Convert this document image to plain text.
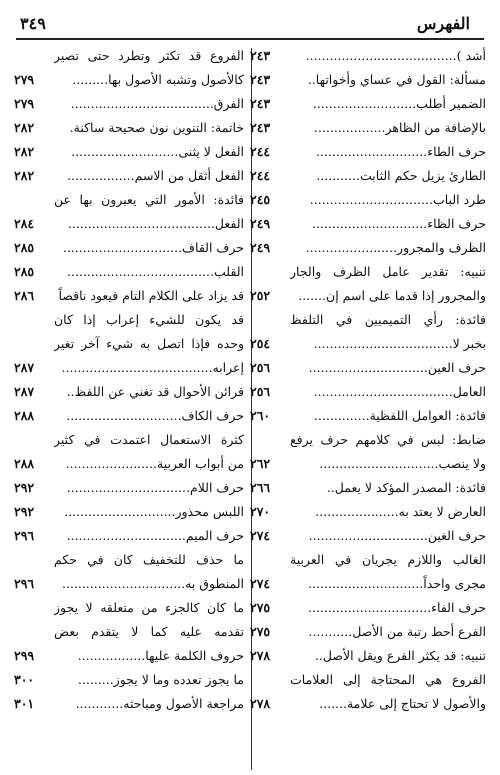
الفهرس
٣٤٩
أشد )......................................
٢٤٣
مسألة: القول في عساي وأخواتها..
٢٤٣
الضمير أطلب..........................
٢٤٣
بالإضافة من الظاهر..................
٢٤٣
حرف الطاء............................
٢٤٤
الطارئ يزيل حكم الثابت...........
٢٤٤
طرد الباب...............................
٢٤٥
حرف الظاء.............................
٢٤٩
الظرف والمجرور.......................
٢٤٩
تنبيه: تقدير عامل الظرف والجار
والمجرور إذا قدما على اسم إن.......
٢٥٢
فائدة: رأي التميميين في التلفظ
بخبر لا...................................
٢٥٤
حرف العين..............................
٢٥٦
العامل...................................
٢٥٦
فائدة: العوامل اللفظية..............
٢٦٠
ضابط: لبس في كلامهم حرف يرفع
ولا ينصب..............................
٢٦٢
فائدة: المصدر المؤكد لا يعمل..
٢٦٦
العارض لا يعتد به.....................
٢٧٠
حرف الغين..............................
٢٧٤
الغالب واللازم يجريان في العربية
مجرى واحداً.............................
٢٧٤
حرف الفاء...............................
٢٧٥
الفرع أحط رتبة من الأصل...........
٢٧٥
تنبيه: قد يكثر الفرع ويقل الأصل..
٢٧٨
الفروع هي المحتاجة إلى العلامات
والأصول لا تحتاج إلى علامة.......
٢٧٨
الفروع قد تكثر وتطرد حتى تصير
كالأصول وتشبه الأصول بها.........
٢٧٩
الفرق....................................
٢٧٩
خاتمة: التنوين نون صحيحة ساكنة.
٢٨٢
الفعل لا يثنى...........................
٢٨٢
الفعل أثقل من الاسم.................
٢٨٢
فائدة: الأمور التي يعبرون بها عن
الفعل.....................................
٢٨٤
حرف القاف..............................
٢٨٥
القلب.....................................
٢٨٥
قد يزاد على الكلام التام فيعود ناقصاً
٢٨٦
قد يكون للشيء إعراب إذا كان
وحده فإذا اتصل به شيء آخر تغير
إعرابه......................................
٢٨٧
قرائن الأحوال قد تغني عن اللفظ..
٢٨٧
حرف الكاف.............................
٢٨٨
كثرة الاستعمال اعتمدت في كثير
من أبواب العربية.......................
٢٨٨
حرف اللام...............................
٢٩٢
اللبس محذور............................
٢٩٢
حرف الميم..............................
٢٩٦
ما حذف للتخفيف كان في حكم
المنطوق به...............................
٢٩٦
ما كان كالجزء من متعلقه لا يجوز
تقدمه عليه كما لا يتقدم بعض
حروف الكلمة عليها.................
٢٩٩
ما يجوز تعدده وما لا يجوز.........
٣٠٠
مراجعة الأصول ومباحثه............
٣٠١
